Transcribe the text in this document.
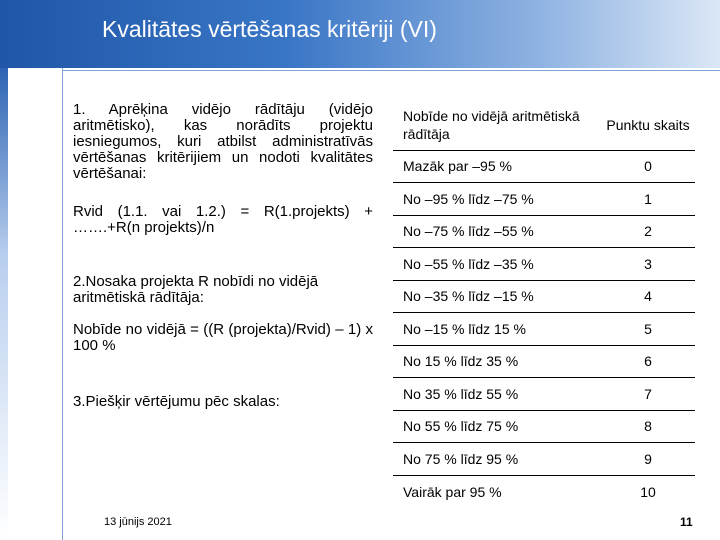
Kvalitātes vērtēšanas kritēriji (VI)
1. Aprēķina vidējo rādītāju (vidējo aritmētisko), kas norādīts projektu iesniegumos, kuri atbilst administratīvās vērtēšanas kritērijiem un nodoti kvalitātes vērtēšanai:
Rvid (1.1. vai 1.2.) = R(1.projekts) + …….+R(n projekts)/n
2.Nosaka projekta R nobīdi no vidējā aritmētiskā rādītāja:
Nobīde no vidējā = ((R (projekta)/Rvid) – 1) x 100 %
3.Piešķir vērtējumu pēc skalas:
Nobīde no vidējā aritmētiskā rādītāja	Punktu skaits
Mazāk par –95 %	0
No –95 % līdz –75 %	1
No –75 % līdz –55 %	2
No –55 % līdz –35 %	3
No –35 % līdz –15 %	4
No –15 % līdz 15 %	5
No 15 % līdz 35 %	6
No 35 % līdz 55 %	7
No 55 % līdz 75 %	8
No 75 % līdz 95 %	9
Vairāk par 95 %	10
13 jūnijs 2021	11
